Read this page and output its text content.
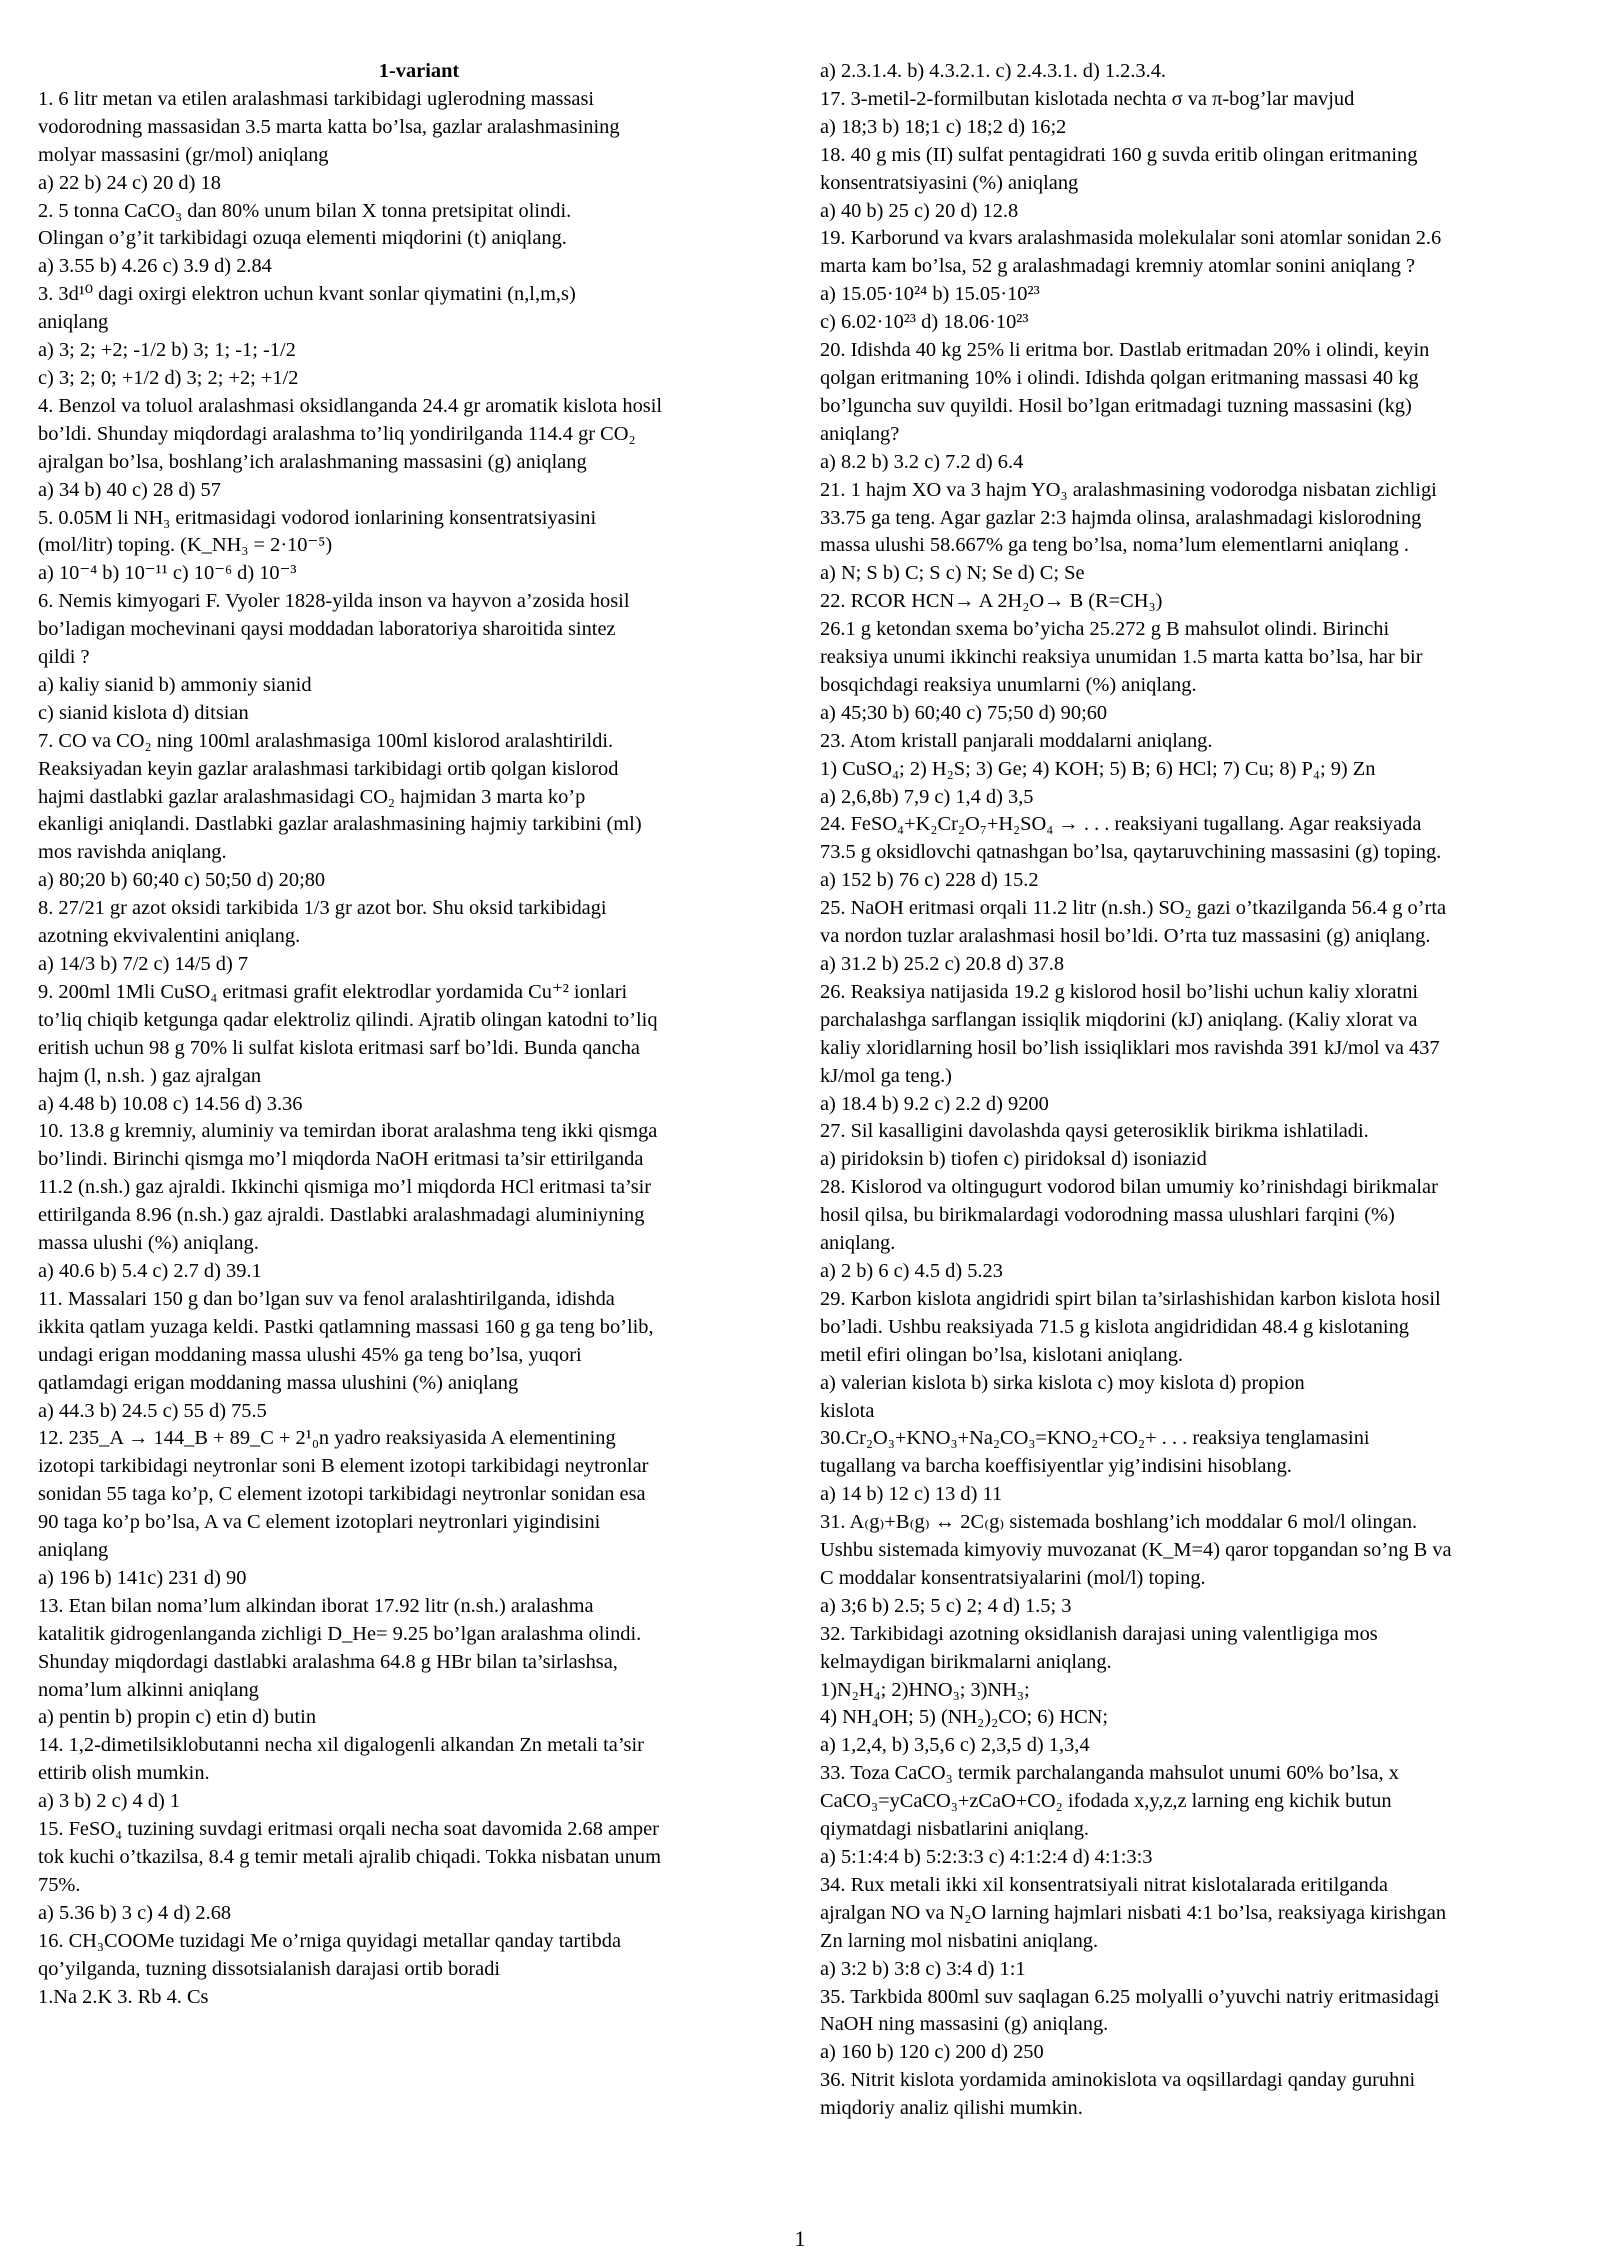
1-variant
1. 6 litr metan va etilen aralashmasi tarkibidagi uglerodning massasi
vodorodning massasidan 3.5 marta katta bo’lsa, gazlar aralashmasining
molyar massasini (gr/mol) aniqlang
a) 22 b) 24 c) 20 d) 18
2. 5 tonna CaCO₃ dan 80% unum bilan X tonna pretsipitat olindi.
Olingan o’g’it tarkibidagi ozuqa elementi miqdorini (t) aniqlang.
a) 3.55 b) 4.26 c) 3.9 d) 2.84
3. 3d¹⁰ dagi oxirgi elektron uchun kvant sonlar qiymatini (n,l,m,s)
aniqlang
a) 3; 2; +2; -1/2 b) 3; 1; -1; -1/2
c) 3; 2; 0; +1/2 d) 3; 2; +2; +1/2
4. Benzol va toluol aralashmasi oksidlanganda 24.4 gr aromatik kislota hosil
bo’ldi. Shunday miqdordagi aralashma to’liq yondirilganda 114.4 gr CO₂
ajralgan bo’lsa, boshlang’ich aralashmaning massasini (g) aniqlang
a) 34 b) 40 c) 28 d) 57
5. 0.05M li NH₃ eritmasidagi vodorod ionlarining konsentratsiyasini
(mol/litr) toping. (K_NH₃ = 2·10⁻⁵)
a) 10⁻⁴ b) 10⁻¹¹ c) 10⁻⁶ d) 10⁻³
6. Nemis kimyogari F. Vyoler 1828-yilda inson va hayvon a’zosida hosil
bo’ladigan mochevinani qaysi moddadan laboratoriya sharoitida sintez
qildi ?
a) kaliy sianid b) ammoniy sianid
c) sianid kislota d) ditsian
7. CO va CO₂ ning 100ml aralashmasiga 100ml kislorod aralashtirildi.
Reaksiyadan keyin gazlar aralashmasi tarkibidagi ortib qolgan kislorod
hajmi dastlabki gazlar aralashmasidagi CO₂ hajmidan 3 marta ko’p
ekanligi aniqlandi. Dastlabki gazlar aralashmasining hajmiy tarkibini (ml)
mos ravishda aniqlang.
a) 80;20 b) 60;40 c) 50;50 d) 20;80
8. 27/21 gr azot oksidi tarkibida 1/3 gr azot bor. Shu oksid tarkibidagi
azotning ekvivalentini aniqlang.
a) 14/3 b) 7/2 c) 14/5 d) 7
9. 200ml 1Mli CuSO₄ eritmasi grafit elektrodlar yordamida Cu⁺² ionlari
to’liq chiqib ketgunga qadar elektroliz qilindi. Ajratib olingan katodni to’liq
eritish uchun 98 g 70% li sulfat kislota eritmasi sarf bo’ldi. Bunda qancha
hajm (l, n.sh. ) gaz ajralgan
a) 4.48 b) 10.08 c) 14.56 d) 3.36
10. 13.8 g kremniy, aluminiy va temirdan iborat aralashma teng ikki qismga
bo’lindi. Birinchi qismga mo’l miqdorda NaOH eritmasi ta’sir ettirilganda
11.2 (n.sh.) gaz ajraldi. Ikkinchi qismiga mo’l miqdorda HCl eritmasi ta’sir
ettirilganda 8.96 (n.sh.) gaz ajraldi. Dastlabki aralashmadagi aluminiyning
massa ulushi (%) aniqlang.
a) 40.6 b) 5.4 c) 2.7 d) 39.1
11. Massalari 150 g dan bo’lgan suv va fenol aralashtirilganda, idishda
ikkita qatlam yuzaga keldi. Pastki qatlamning massasi 160 g ga teng bo’lib,
undagi erigan moddaning massa ulushi 45% ga teng bo’lsa, yuqori
qatlamdagi erigan moddaning massa ulushini (%) aniqlang
a) 44.3 b) 24.5 c) 55 d) 75.5
12. 235_A → 144_B + 89_C + 2¹₀n yadro reaksiyasida A elementining
izotopi tarkibidagi neytronlar soni B element izotopi tarkibidagi neytronlar
sonidan 55 taga ko’p, C element izotopi tarkibidagi neytronlar sonidan esa
90 taga ko’p bo’lsa, A va C element izotoplari neytronlari yigindisini
aniqlang
a) 196 b) 141c) 231 d) 90
13. Etan bilan noma’lum alkindan iborat 17.92 litr (n.sh.) aralashma
katalitik gidrogenlanganda zichligi D_He= 9.25 bo’lgan aralashma olindi.
Shunday miqdordagi dastlabki aralashma 64.8 g HBr bilan ta’sirlashsa,
noma’lum alkinni aniqlang
a) pentin b) propin c) etin d) butin
14. 1,2-dimetilsiklobutanni necha xil digalogenli alkandan Zn metali ta’sir
ettirib olish mumkin.
a) 3 b) 2 c) 4 d) 1
15. FeSO₄ tuzining suvdagi eritmasi orqali necha soat davomida 2.68 amper
tok kuchi o’tkazilsa, 8.4 g temir metali ajralib chiqadi. Tokka nisbatan unum
75%.
a) 5.36 b) 3 c) 4 d) 2.68
16. CH₃COOMe tuzidagi Me o’rniga quyidagi metallar qanday tartibda
qo’yilganda, tuzning dissotsialanish darajasi ortib boradi
1.Na 2.K 3. Rb 4. Cs
a) 2.3.1.4. b) 4.3.2.1. c) 2.4.3.1. d) 1.2.3.4.
17. 3-metil-2-formilbutan kislotada nechta σ va π-bog’lar mavjud
a) 18;3 b) 18;1 c) 18;2 d) 16;2
18. 40 g mis (II) sulfat pentagidrati 160 g suvda eritib olingan eritmaning
konsentratsiyasini (%) aniqlang
a) 40 b) 25 c) 20 d) 12.8
19. Karborund va kvars aralashmasida molekulalar soni atomlar sonidan 2.6
marta kam bo’lsa, 52 g aralashmadagi kremniy atomlar sonini aniqlang ?
a) 15.05·10²⁴ b) 15.05·10²³
c) 6.02·10²³ d) 18.06·10²³
20. Idishda 40 kg 25% li eritma bor. Dastlab eritmadan 20% i olindi, keyin
qolgan eritmaning 10% i olindi. Idishda qolgan eritmaning massasi 40 kg
bo’lguncha suv quyildi. Hosil bo’lgan eritmadagi tuzning massasini (kg)
aniqlang?
a) 8.2 b) 3.2 c) 7.2 d) 6.4
21. 1 hajm XO va 3 hajm YO₃ aralashmasining vodorodga nisbatan zichligi
33.75 ga teng. Agar gazlar 2:3 hajmda olinsa, aralashmadagi kislorodning
massa ulushi 58.667% ga teng bo’lsa, noma’lum elementlarni aniqlang .
a) N; S b) C; S c) N; Se d) C; Se
22. RCOR HCN→ A 2H₂O→ B (R=CH₃)
26.1 g ketondan sxema bo’yicha 25.272 g B mahsulot olindi. Birinchi
reaksiya unumi ikkinchi reaksiya unumidan 1.5 marta katta bo’lsa, har bir
bosqichdagi reaksiya unumlarni (%) aniqlang.
a) 45;30 b) 60;40 c) 75;50 d) 90;60
23. Atom kristall panjarali moddalarni aniqlang.
1) CuSO₄; 2) H₂S; 3) Ge; 4) KOH; 5) B; 6) HCl; 7) Cu; 8) P₄; 9) Zn
a) 2,6,8b) 7,9 c) 1,4 d) 3,5
24. FeSO₄+K₂Cr₂O₇+H₂SO₄ → . . . reaksiyani tugallang. Agar reaksiyada
73.5 g oksidlovchi qatnashgan bo’lsa, qaytaruvchining massasini (g) toping.
a) 152 b) 76 c) 228 d) 15.2
25. NaOH eritmasi orqali 11.2 litr (n.sh.) SO₂ gazi o’tkazilganda 56.4 g o’rta
va nordon tuzlar aralashmasi hosil bo’ldi. O’rta tuz massasini (g) aniqlang.
a) 31.2 b) 25.2 c) 20.8 d) 37.8
26. Reaksiya natijasida 19.2 g kislorod hosil bo’lishi uchun kaliy xloratni
parchalashga sarflangan issiqlik miqdorini (kJ) aniqlang. (Kaliy xlorat va
kaliy xloridlarning hosil bo’lish issiqliklari mos ravishda 391 kJ/mol va 437
kJ/mol ga teng.)
a) 18.4 b) 9.2 c) 2.2 d) 9200
27. Sil kasalligini davolashda qaysi geterosiklik birikma ishlatiladi.
a) piridoksin b) tiofen c) piridoksal d) isoniazid
28. Kislorod va oltingugurt vodorod bilan umumiy ko’rinishdagi birikmalar
hosil qilsa, bu birikmalardagi vodorodning massa ulushlari farqini (%)
aniqlang.
a) 2 b) 6 c) 4.5 d) 5.23
29. Karbon kislota angidridi spirt bilan ta’sirlashishidan karbon kislota hosil
bo’ladi. Ushbu reaksiyada 71.5 g kislota angidrididan 48.4 g kislotaning
metil efiri olingan bo’lsa, kislotani aniqlang.
a) valerian kislota b) sirka kislota c) moy kislota d) propion
kislota
30.Cr₂O₃+KNO₃+Na₂CO₃=KNO₂+CO₂+ . . . reaksiya tenglamasini
tugallang va barcha koeffisiyentlar yig’indisini hisoblang.
a) 14 b) 12 c) 13 d) 11
31. A₍g₎+B₍g₎ ↔ 2C₍g₎ sistemada boshlang’ich moddalar 6 mol/l olingan.
Ushbu sistemada kimyoviy muvozanat (K_M=4) qaror topgandan so’ng B va
C moddalar konsentratsiyalarini (mol/l) toping.
a) 3;6 b) 2.5; 5 c) 2; 4 d) 1.5; 3
32. Tarkibidagi azotning oksidlanish darajasi uning valentligiga mos
kelmaydigan birikmalarni aniqlang.
1)N₂H₄; 2)HNO₃; 3)NH₃;
4) NH₄OH; 5) (NH₂)₂CO; 6) HCN;
a) 1,2,4, b) 3,5,6 c) 2,3,5 d) 1,3,4
33. Toza CaCO₃ termik parchalanganda mahsulot unumi 60% bo’lsa, x
CaCO₃=yCaCO₃+zCaO+CO₂ ifodada x,y,z,z larning eng kichik butun
qiymatdagi nisbatlarini aniqlang.
a) 5:1:4:4 b) 5:2:3:3 c) 4:1:2:4 d) 4:1:3:3
34. Rux metali ikki xil konsentratsiyali nitrat kislotalarada eritilganda
ajralgan NO va N₂O larning hajmlari nisbati 4:1 bo’lsa, reaksiyaga kirishgan
Zn larning mol nisbatini aniqlang.
a) 3:2 b) 3:8 c) 3:4 d) 1:1
35. Tarkbida 800ml suv saqlagan 6.25 molyalli o’yuvchi natriy eritmasidagi
NaOH ning massasini (g) aniqlang.
a) 160 b) 120 c) 200 d) 250
36. Nitrit kislota yordamida aminokislota va oqsillardagi qanday guruhni
miqdoriy analiz qilishi mumkin.
1
